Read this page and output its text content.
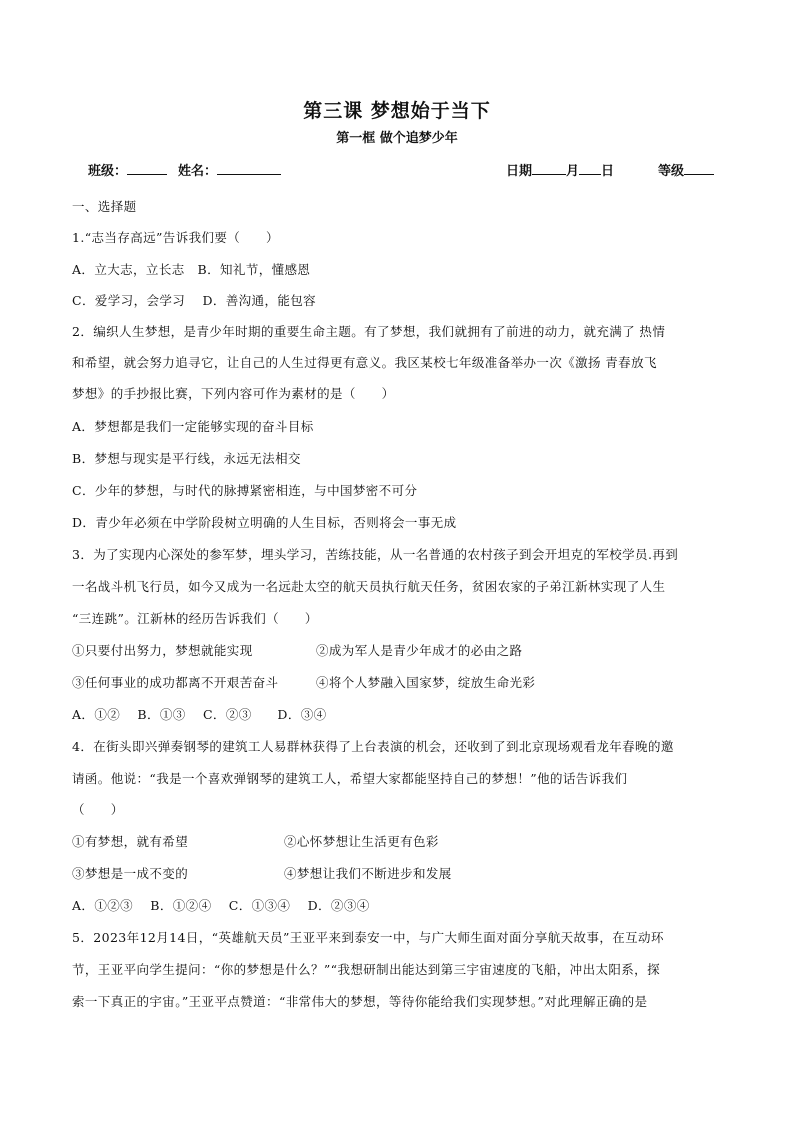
第三课 梦想始于当下
第一框 做个追梦少年
班级：	姓名：	日期	月 日	等级
一、选择题
1.“志当存高远”告诉我们要（　　）
A．立大志，立长志　B．知礼节，懂感恩
C．爱学习，会学习　 D．善沟通，能包容
2．编织人生梦想，是青少年时期的重要生命主题。有了梦想，我们就拥有了前进的动力，就充满了 热情
和希望，就会努力追寻它，让自己的人生过得更有意义。我区某校七年级准备举办一次《激扬 青春放飞
梦想》的手抄报比赛，下列内容可作为素材的是（　　）
A．梦想都是我们一定能够实现的奋斗目标
B．梦想与现实是平行线，永远无法相交
C．少年的梦想，与时代的脉搏紧密相连，与中国梦密不可分
D．青少年必须在中学阶段树立明确的人生目标，否则将会一事无成
3．为了实现内心深处的参军梦，埋头学习，苦练技能，从一名普通的农村孩子到会开坦克的军校学员.再到
一名战斗机飞行员，如今又成为一名远赴太空的航天员执行航天任务，贫困农家的子弟江新林实现了人生
“三连跳”。江新林的经历告诉我们（　　）
①只要付出努力，梦想就能实现	②成为军人是青少年成才的必由之路
③任何事业的成功都离不开艰苦奋斗	④将个人梦融入国家梦，绽放生命光彩
A．①②　 B．①③　 C．②③　　D．③④
4．在街头即兴弹奏钢琴的建筑工人易群林获得了上台表演的机会，还收到了到北京现场观看龙年春晚的邀
请函。他说：“我是一个喜欢弹钢琴的建筑工人，希望大家都能坚持自己的梦想！”他的话告诉我们
（　　）
①有梦想，就有希望	②心怀梦想让生活更有色彩
③梦想是一成不变的	④梦想让我们不断进步和发展
A．①②③　 B．①②④　 C．①③④　 D．②③④
5．2023年12月14日，“英雄航天员”王亚平来到泰安一中，与广大师生面对面分享航天故事，在互动环
节，王亚平向学生提问：“你的梦想是什么？”“我想研制出能达到第三宇宙速度的飞船，冲出太阳系，探
索一下真正的宇宙。”王亚平点赞道：“非常伟大的梦想，等待你能给我们实现梦想。”对此理解正确的是
